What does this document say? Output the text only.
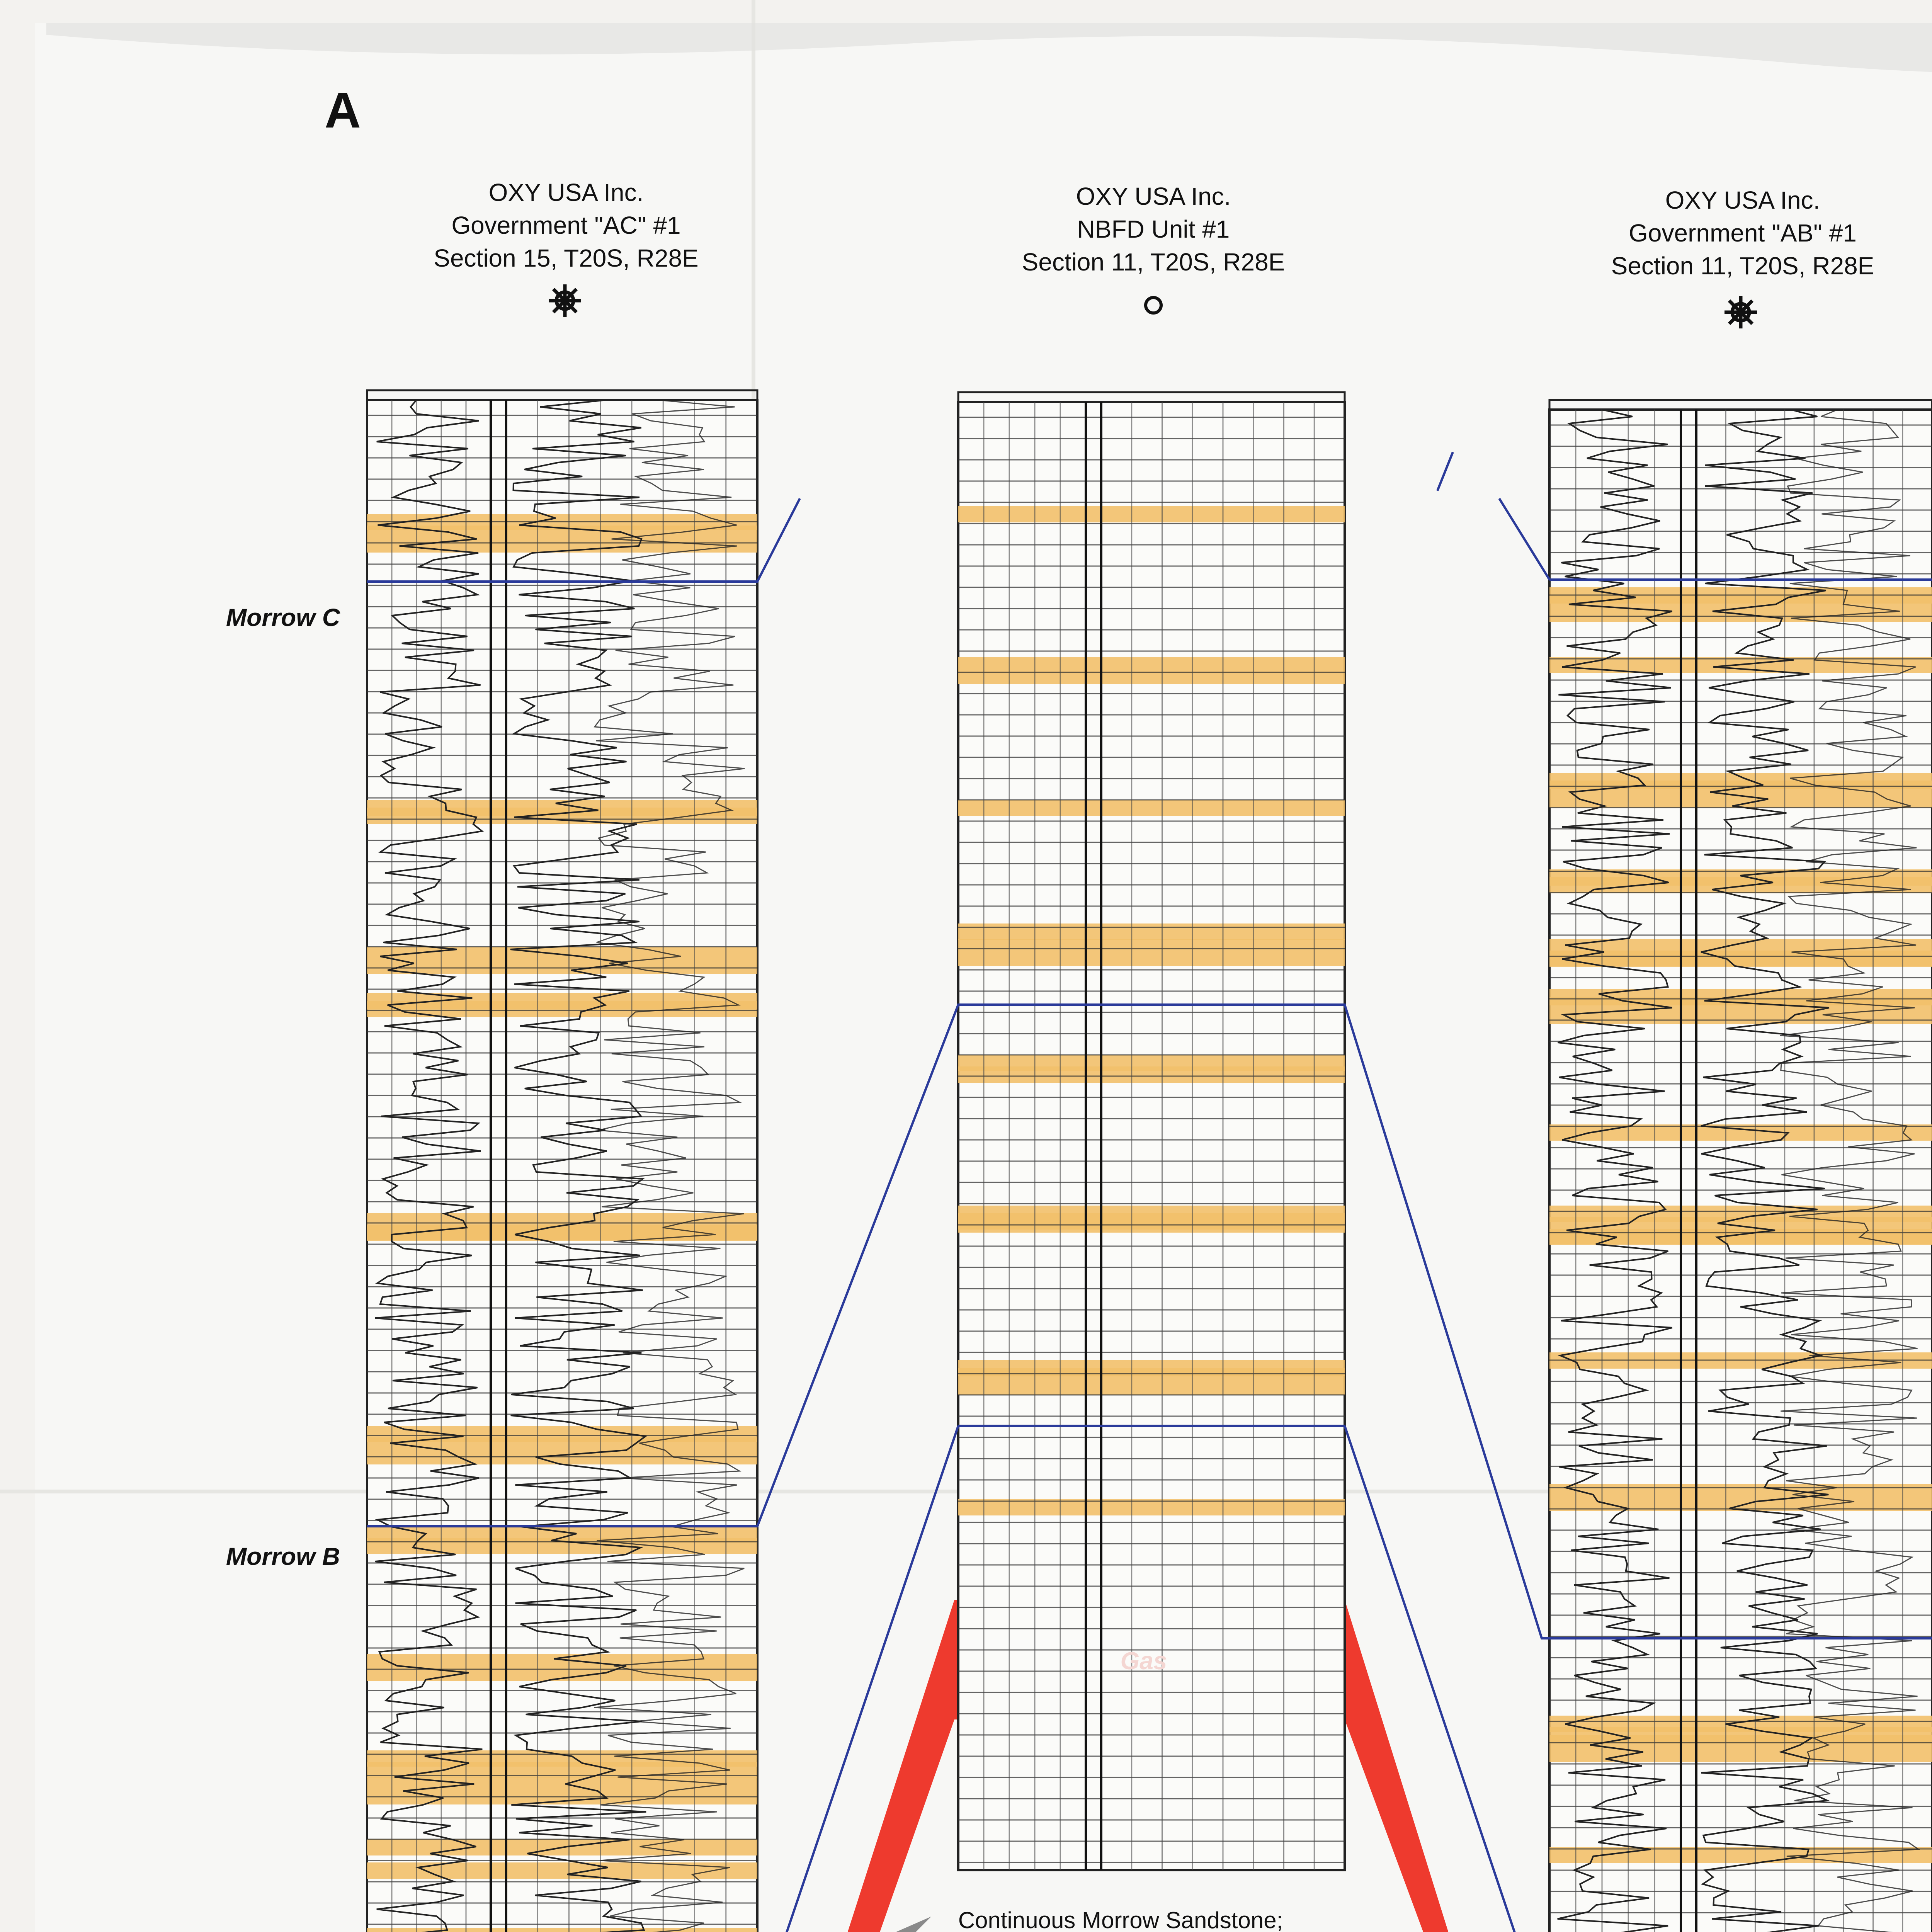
A
OXY USA Inc.
Government "AC" #1
Section 15, T20S, R28E
OXY USA Inc.
NBFD Unit #1
Section 11, T20S, R28E
OXY USA Inc.
Government "AB" #1
Section 11, T20S, R28E
Morrow C
Morrow B
Gas
Continuous Morrow Sandstone;
